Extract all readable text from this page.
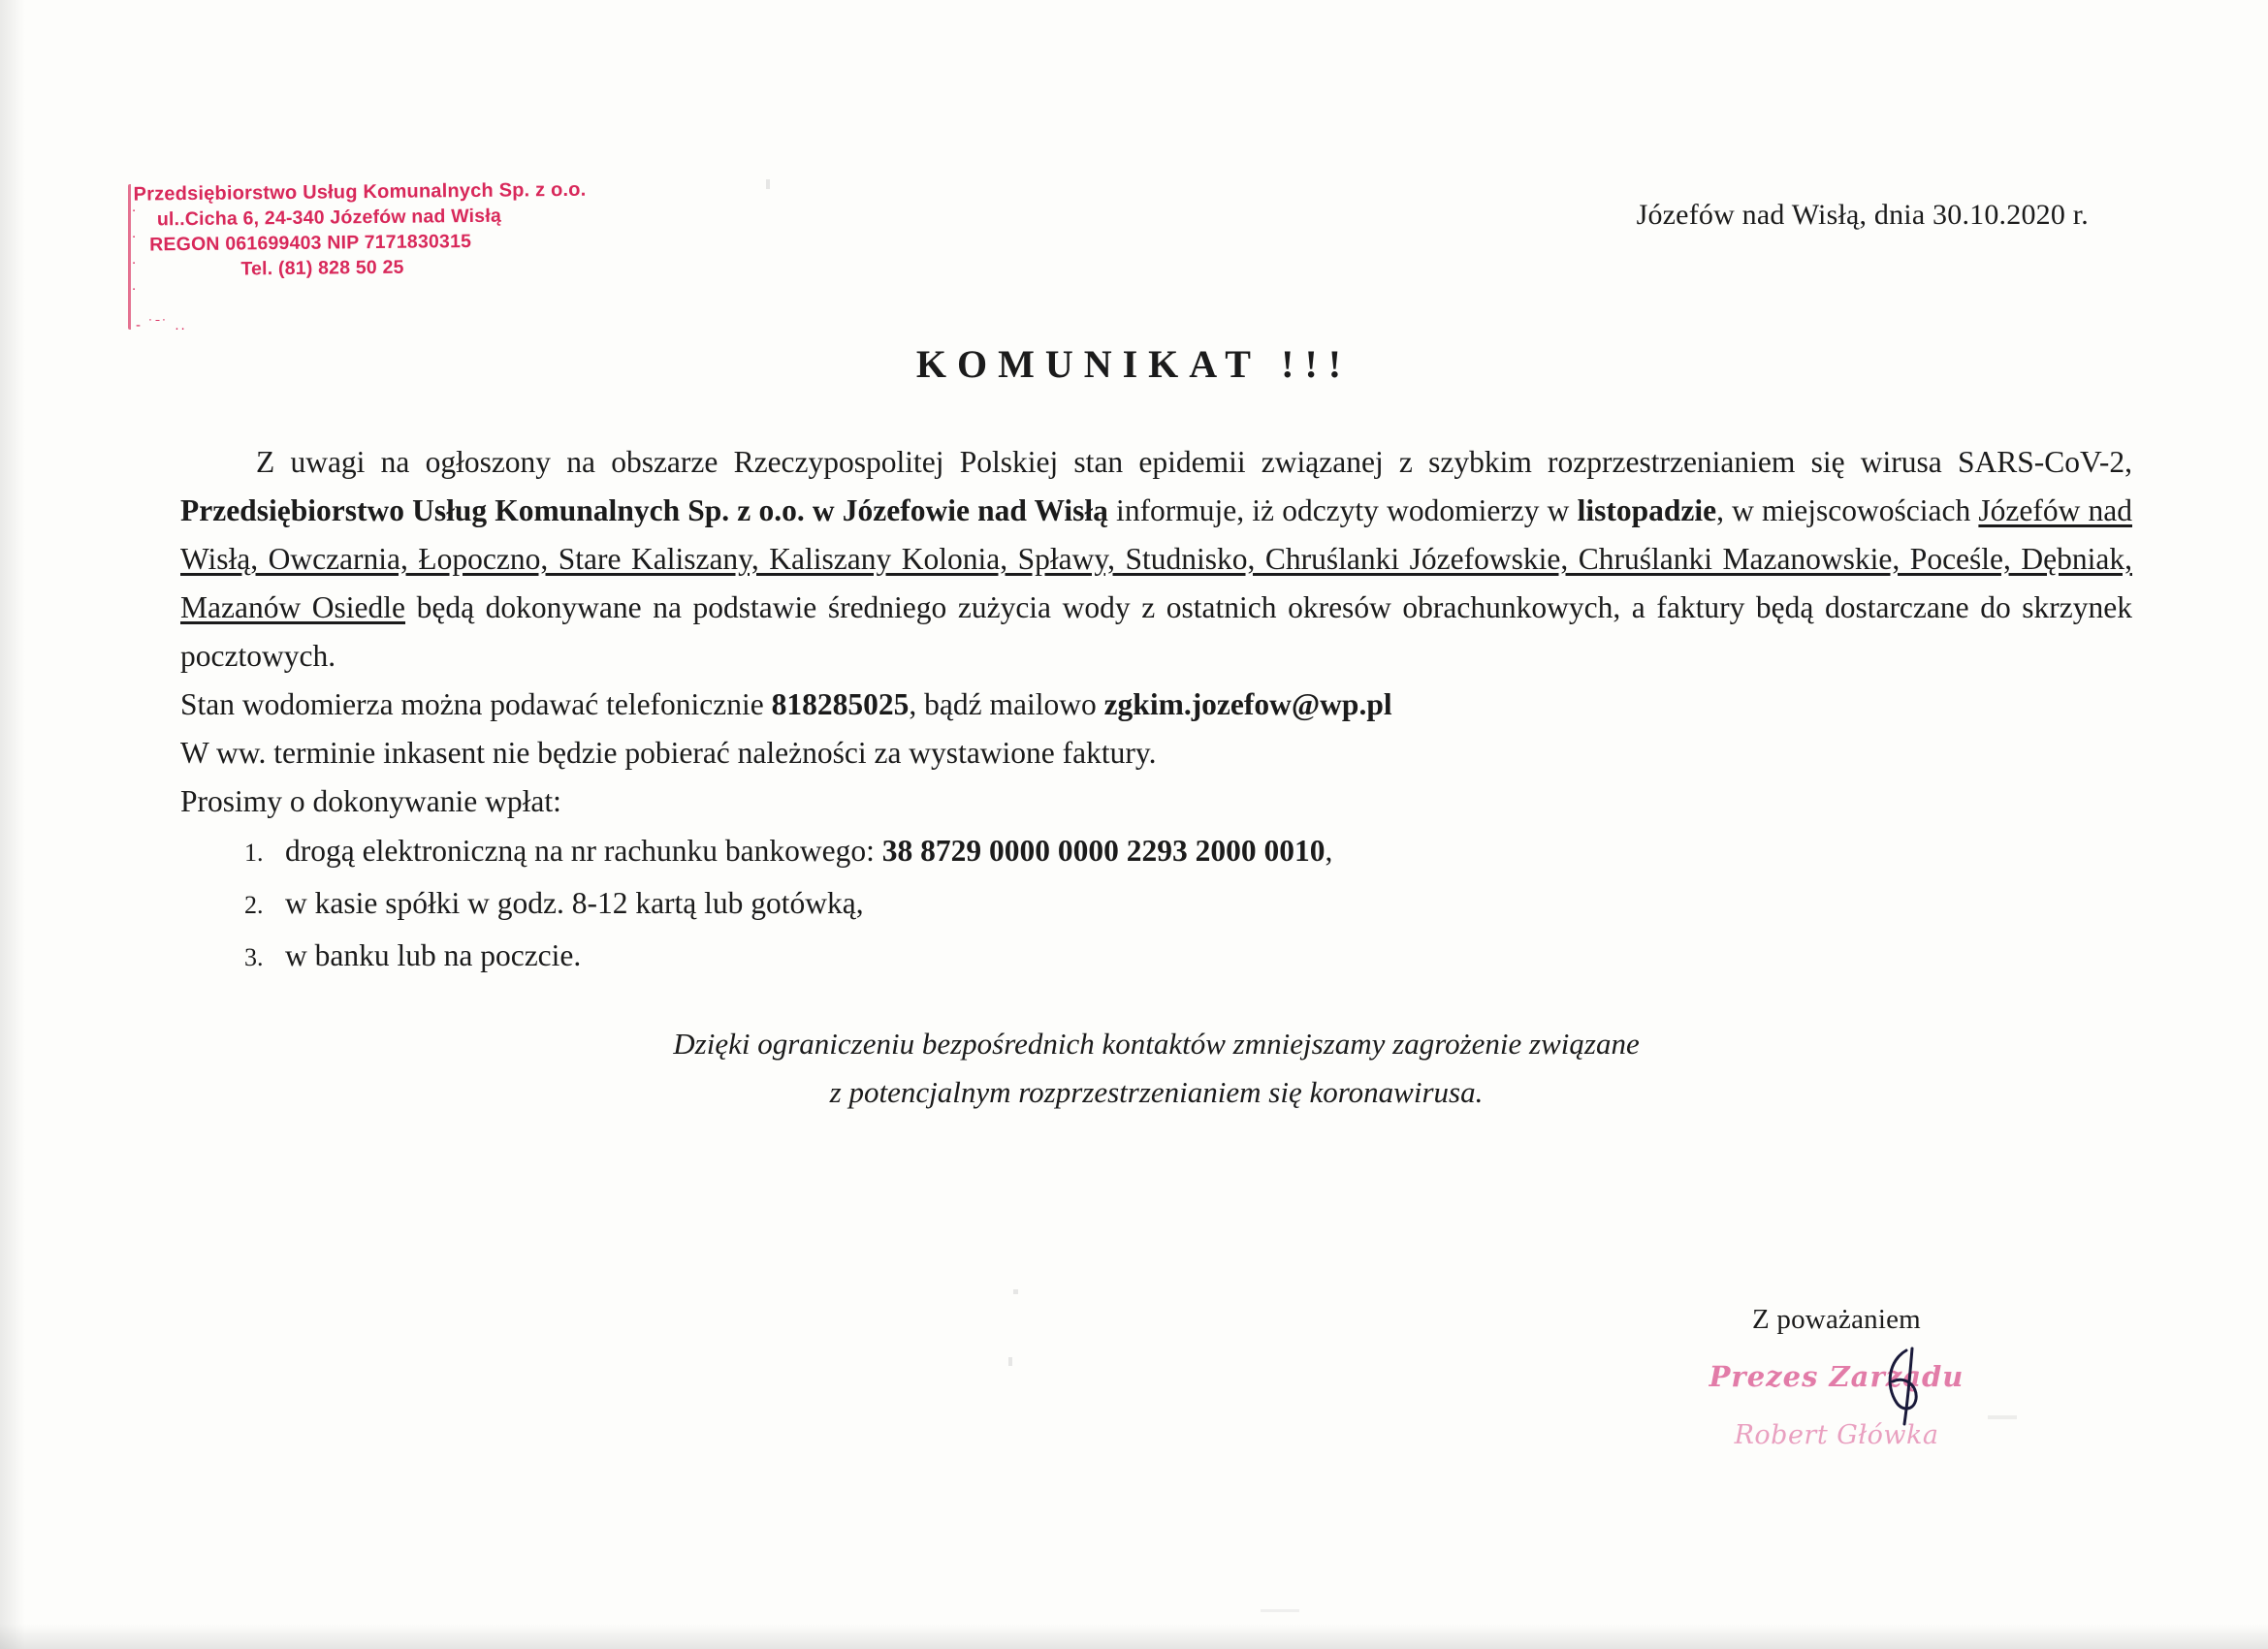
.
.
.
.
- ˙ˉ˙ ..
Przedsiębiorstwo Usług Komunalnych Sp. z o.o.
ul..Cicha 6, 24-340 Józefów nad Wisłą
REGON 061699403 NIP 7171830315
Tel. (81) 828 50 25
Józefów nad Wisłą, dnia 30.10.2020 r.
KOMUNIKAT !!!

Z uwagi na ogłoszony na obszarze Rzeczypospolitej Polskiej stan epidemii związanej z szybkim rozprzestrzenianiem się wirusa SARS-CoV-2, Przedsiębiorstwo Usług Komunalnych Sp. z o.o. w Józefowie nad Wisłą informuje, iż odczyty wodomierzy w listopadzie, w miejscowościach Józefów nad Wisłą, Owczarnia, Łopoczno, Stare Kaliszany, Kaliszany Kolonia, Spławy, Studnisko, Chruślanki Józefowskie, Chruślanki Mazanowskie, Poceśle, Dębniak, Mazanów Osiedle będą dokonywane na podstawie średniego zużycia wody z ostatnich okresów obrachunkowych, a faktury będą dostarczane do skrzynek pocztowych.

Stan wodomierza można podawać telefonicznie 818285025, bądź mailowo zgkim.jozefow@wp.pl

W ww. terminie inkasent nie będzie pobierać należności za wystawione faktury.

Prosimy o dokonywanie wpłat:

1. drogą elektroniczną na nr rachunku bankowego: 38 8729 0000 0000 2293 2000 0010,
2. w kasie spółki w godz. 8-12 kartą lub gotówką,
3. w banku lub na poczcie.
Dzięki ograniczeniu bezpośrednich kontaktów zmniejszamy zagrożenie związane
z potencjalnym rozprzestrzenianiem się koronawirusa.
Z poważaniem
Prezes Zarządu
Robert Główka
